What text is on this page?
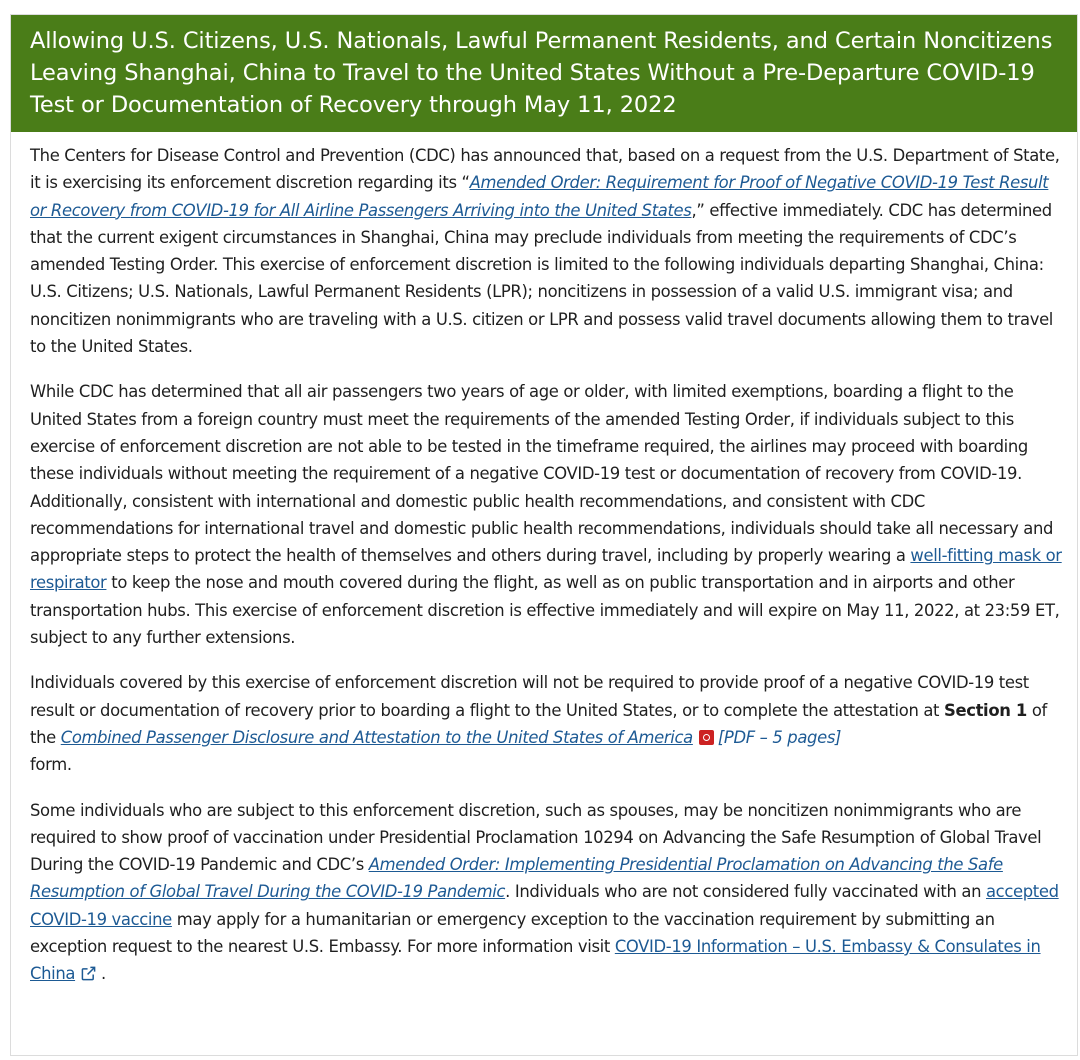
Allowing U.S. Citizens, U.S. Nationals, Lawful Permanent Residents, and Certain Noncitizens Leaving Shanghai, China to Travel to the United States Without a Pre-Departure COVID-19 Test or Documentation of Recovery through May 11, 2022

The Centers for Disease Control and Prevention (CDC) has announced that, based on a request from the U.S. Department of State, it is exercising its enforcement discretion regarding its “Amended Order: Requirement for Proof of Negative COVID-19 Test Result or Recovery from COVID-19 for All Airline Passengers Arriving into the United States,” effective immediately. CDC has determined that the current exigent circumstances in Shanghai, China may preclude individuals from meeting the requirements of CDC’s amended Testing Order. This exercise of enforcement discretion is limited to the following individuals departing Shanghai, China: U.S. Citizens; U.S. Nationals, Lawful Permanent Residents (LPR); noncitizens in possession of a valid U.S. immigrant visa; and noncitizen nonimmigrants who are traveling with a U.S. citizen or LPR and possess valid travel documents allowing them to travel to the United States.

While CDC has determined that all air passengers two years of age or older, with limited exemptions, boarding a flight to the United States from a foreign country must meet the requirements of the amended Testing Order, if individuals subject to this exercise of enforcement discretion are not able to be tested in the timeframe required, the airlines may proceed with boarding these individuals without meeting the requirement of a negative COVID-19 test or documentation of recovery from COVID-19. Additionally, consistent with international and domestic public health recommendations, and consistent with CDC recommendations for international travel and domestic public health recommendations, individuals should take all necessary and appropriate steps to protect the health of themselves and others during travel, including by properly wearing a well-fitting mask or respirator to keep the nose and mouth covered during the flight, as well as on public transportation and in airports and other transportation hubs. This exercise of enforcement discretion is effective immediately and will expire on May 11, 2022, at 23:59 ET, subject to any further extensions.

Individuals covered by this exercise of enforcement discretion will not be required to provide proof of a negative COVID-19 test result or documentation of recovery prior to boarding a flight to the United States, or to complete the attestation at Section 1 of the Combined Passenger Disclosure and Attestation to the United States of America [PDF – 5 pages]
form.

Some individuals who are subject to this enforcement discretion, such as spouses, may be noncitizen nonimmigrants who are required to show proof of vaccination under Presidential Proclamation 10294 on Advancing the Safe Resumption of Global Travel During the COVID-19 Pandemic and CDC’s Amended Order: Implementing Presidential Proclamation on Advancing the Safe Resumption of Global Travel During the COVID-19 Pandemic. Individuals who are not considered fully vaccinated with an accepted COVID-19 vaccine may apply for a humanitarian or emergency exception to the vaccination requirement by submitting an exception request to the nearest U.S. Embassy. For more information visit COVID-19 Information – U.S. Embassy & Consulates in China .
